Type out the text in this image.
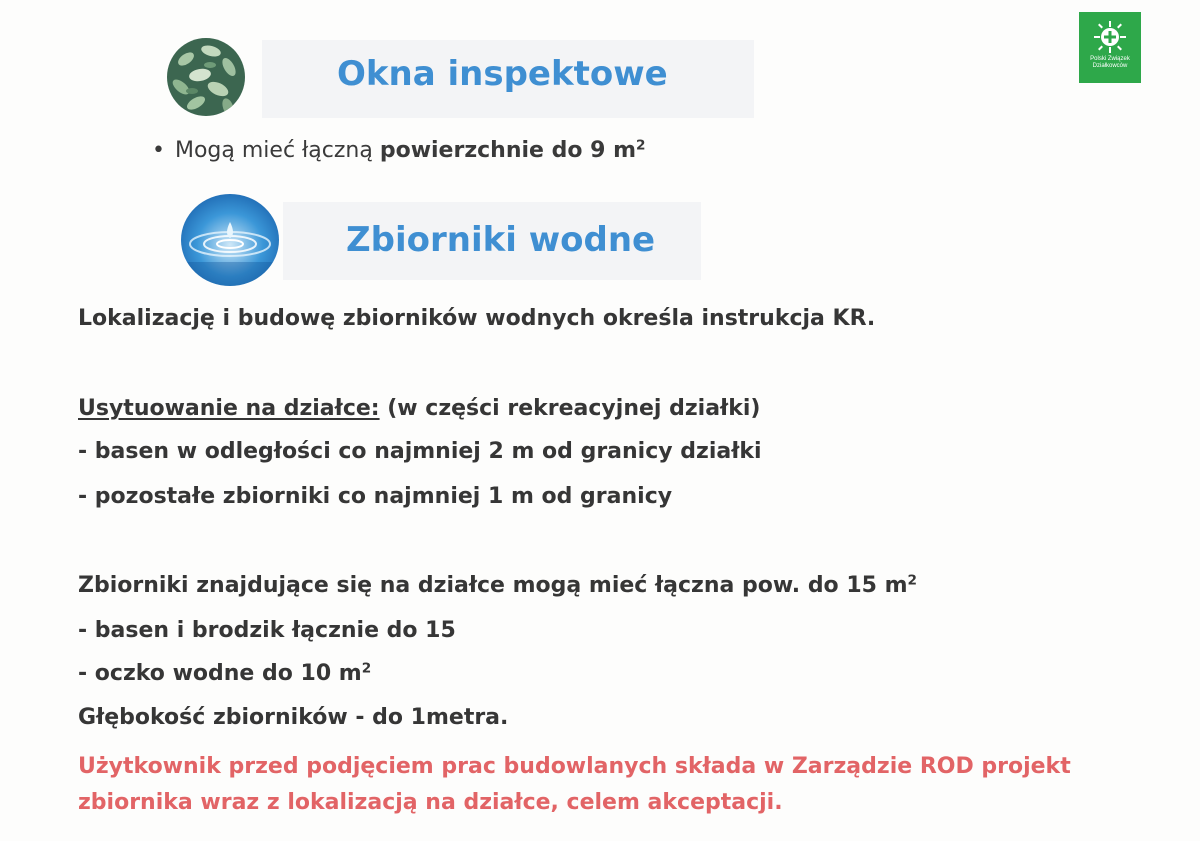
Polski Związek
Działkowców
Okna inspektowe
• Mogą mieć łączną powierzchnie do 9 $m^2$
Zbiorniki wodne
Lokalizację i budowę zbiorników wodnych określa instrukcja KR.
Usytuowanie na działce: (w części rekreacyjnej działki)
- basen w odległości co najmniej 2 m od granicy działki
- pozostałe zbiorniki co najmniej 1 m od granicy
Zbiorniki znajdujące się na działce mogą mieć łączna pow. do 15 $m^2$
- basen i brodzik łącznie do 15
- oczko wodne do 10 $m^2$
Głębokość zbiorników - do 1metra.
Użytkownik przed podjęciem prac budowlanych składa w Zarządzie ROD projekt
zbiornika wraz z lokalizacją na działce, celem akceptacji.
